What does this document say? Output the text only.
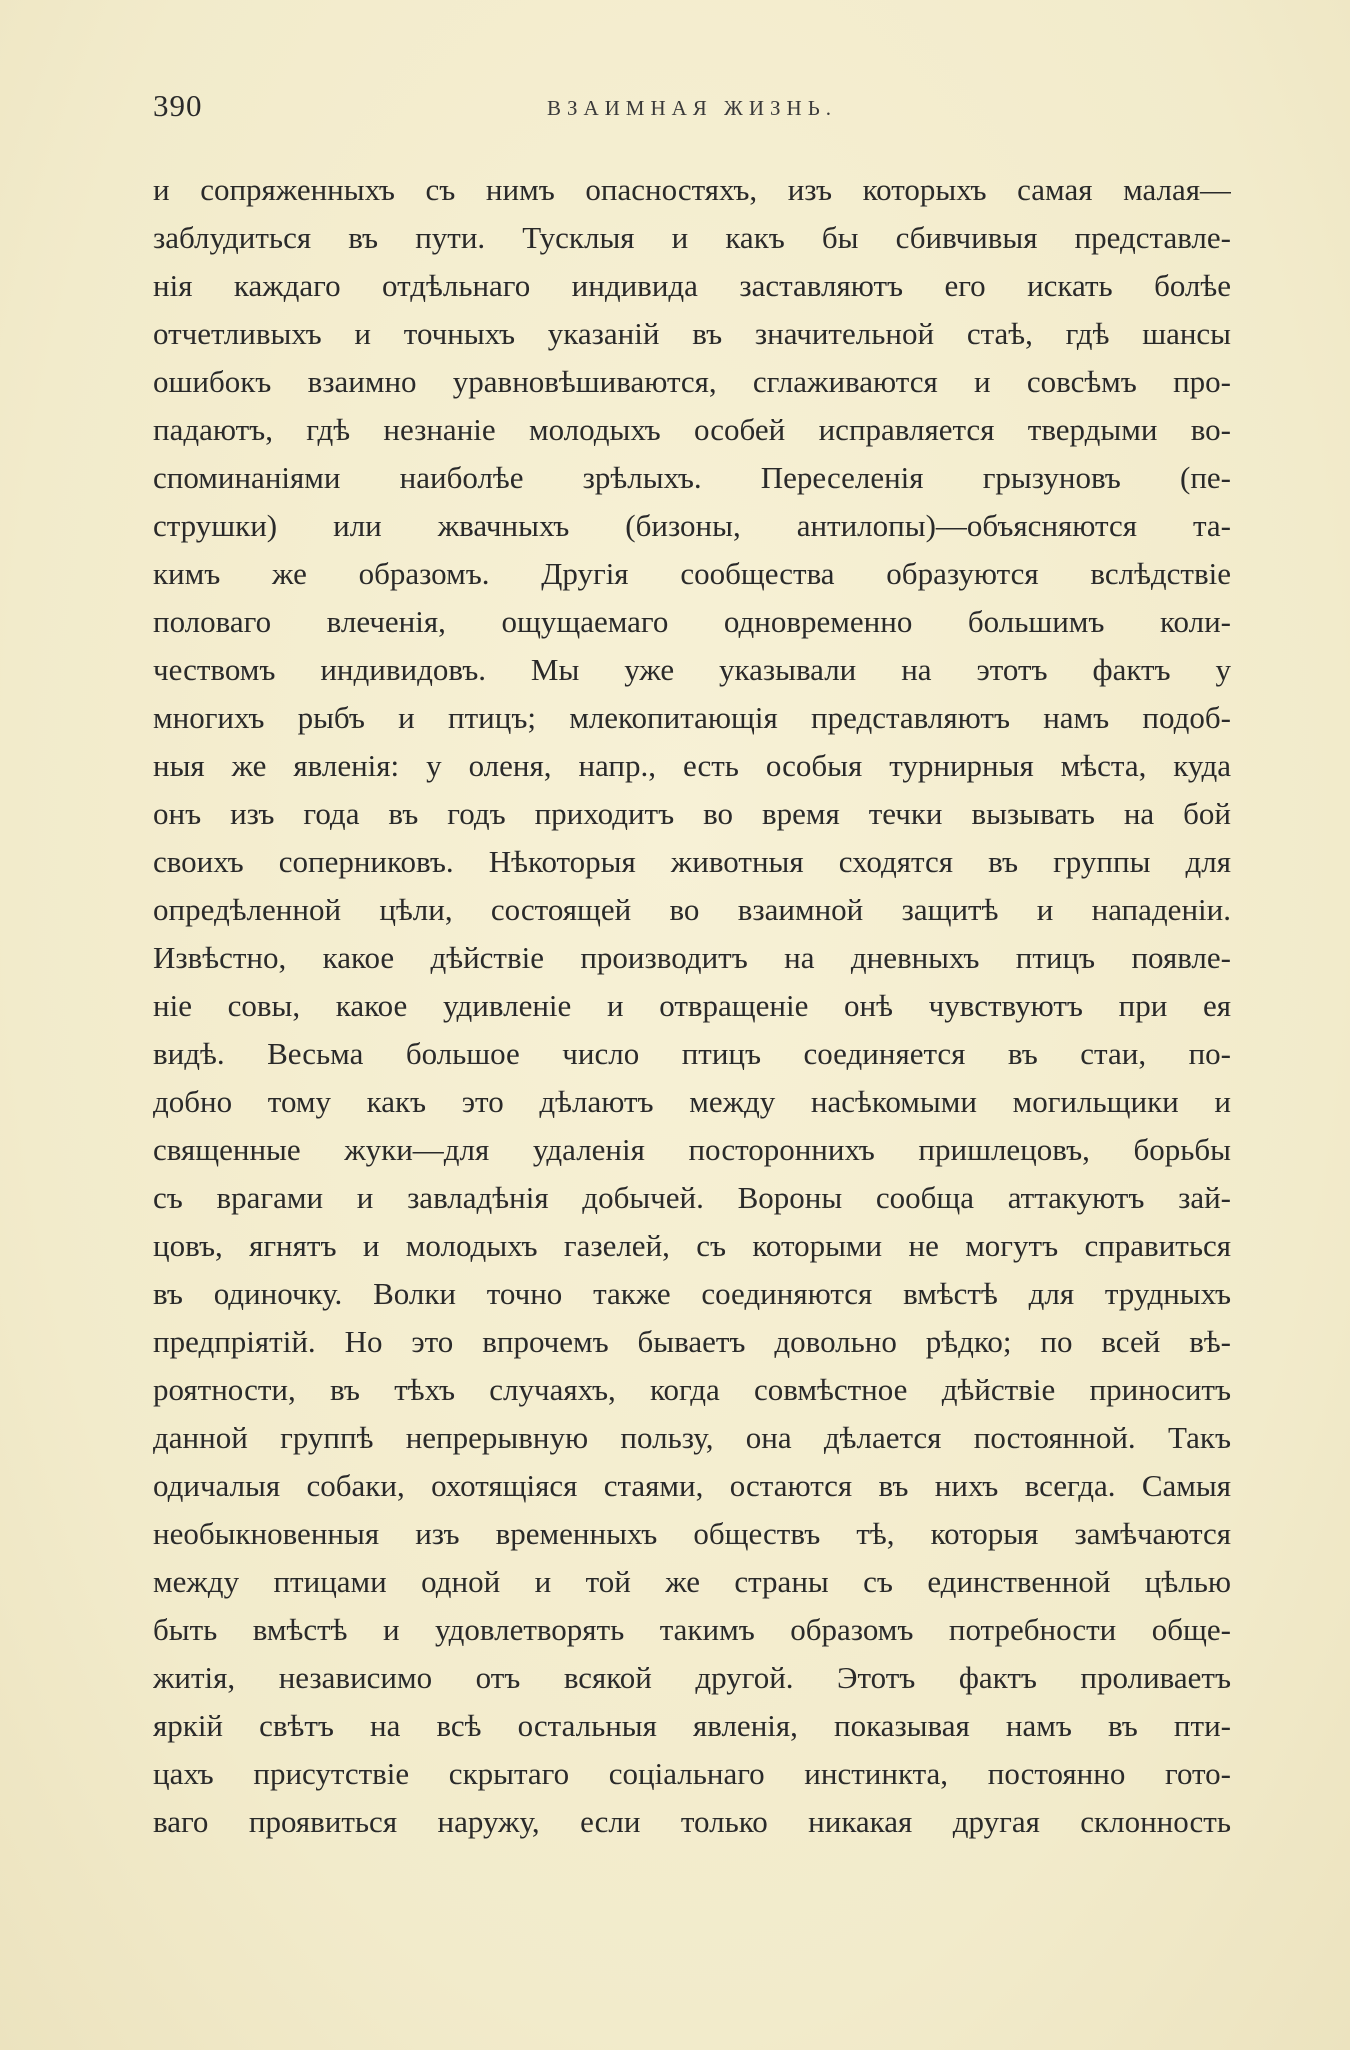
390	ВЗАИМНАЯ ЖИЗНЬ.
и сопряженныхъ съ нимъ опасностяхъ, изъ которыхъ самая малая—
заблудиться въ пути. Тусклыя и какъ бы сбивчивыя представле-
нія каждаго отдѣльнаго индивида заставляютъ его искать болѣе
отчетливыхъ и точныхъ указаній въ значительной стаѣ, гдѣ шансы
ошибокъ взаимно уравновѣшиваются, сглаживаются и совсѣмъ про-
падаютъ, гдѣ незнаніе молодыхъ особей исправляется твердыми во-
споминаніями наиболѣе зрѣлыхъ. Переселенія грызуновъ (пе-
струшки) или жвачныхъ (бизоны, антилопы)—объясняются та-
кимъ же образомъ. Другія сообщества образуются вслѣдствіе
половаго влеченія, ощущаемаго одновременно большимъ коли-
чествомъ индивидовъ. Мы уже указывали на этотъ фактъ у
многихъ рыбъ и птицъ; млекопитающія представляютъ намъ подоб-
ныя же явленія: у оленя, напр., есть особыя турнирныя мѣста, куда
онъ изъ года въ годъ приходитъ во время течки вызывать на бой
своихъ соперниковъ. Нѣкоторыя животныя сходятся въ группы для
опредѣленной цѣли, состоящей во взаимной защитѣ и нападеніи.
Извѣстно, какое дѣйствіе производитъ на дневныхъ птицъ появле-
ніе совы, какое удивленіе и отвращеніе онѣ чувствуютъ при ея
видѣ. Весьма большое число птицъ соединяется въ стаи, по-
добно тому какъ это дѣлаютъ между насѣкомыми могильщики и
священные жуки—для удаленія постороннихъ пришлецовъ, борьбы
съ врагами и завладѣнія добычей. Вороны сообща аттакуютъ зай-
цовъ, ягнятъ и молодыхъ газелей, съ которыми не могутъ справиться
въ одиночку. Волки точно также соединяются вмѣстѣ для трудныхъ
предпріятій. Но это впрочемъ бываетъ довольно рѣдко; по всей вѣ-
роятности, въ тѣхъ случаяхъ, когда совмѣстное дѣйствіе приноситъ
данной группѣ непрерывную пользу, она дѣлается постоянной. Такъ
одичалыя собаки, охотящіяся стаями, остаются въ нихъ всегда. Самыя
необыкновенныя изъ временныхъ обществъ тѣ, которыя замѣчаются
между птицами одной и той же страны съ единственной цѣлью
быть вмѣстѣ и удовлетворять такимъ образомъ потребности обще-
житія, независимо отъ всякой другой. Этотъ фактъ проливаетъ
яркій свѣтъ на всѣ остальныя явленія, показывая намъ въ пти-
цахъ присутствіе скрытаго соціальнаго инстинкта, постоянно гото-
ваго проявиться наружу, если только никакая другая склонность
